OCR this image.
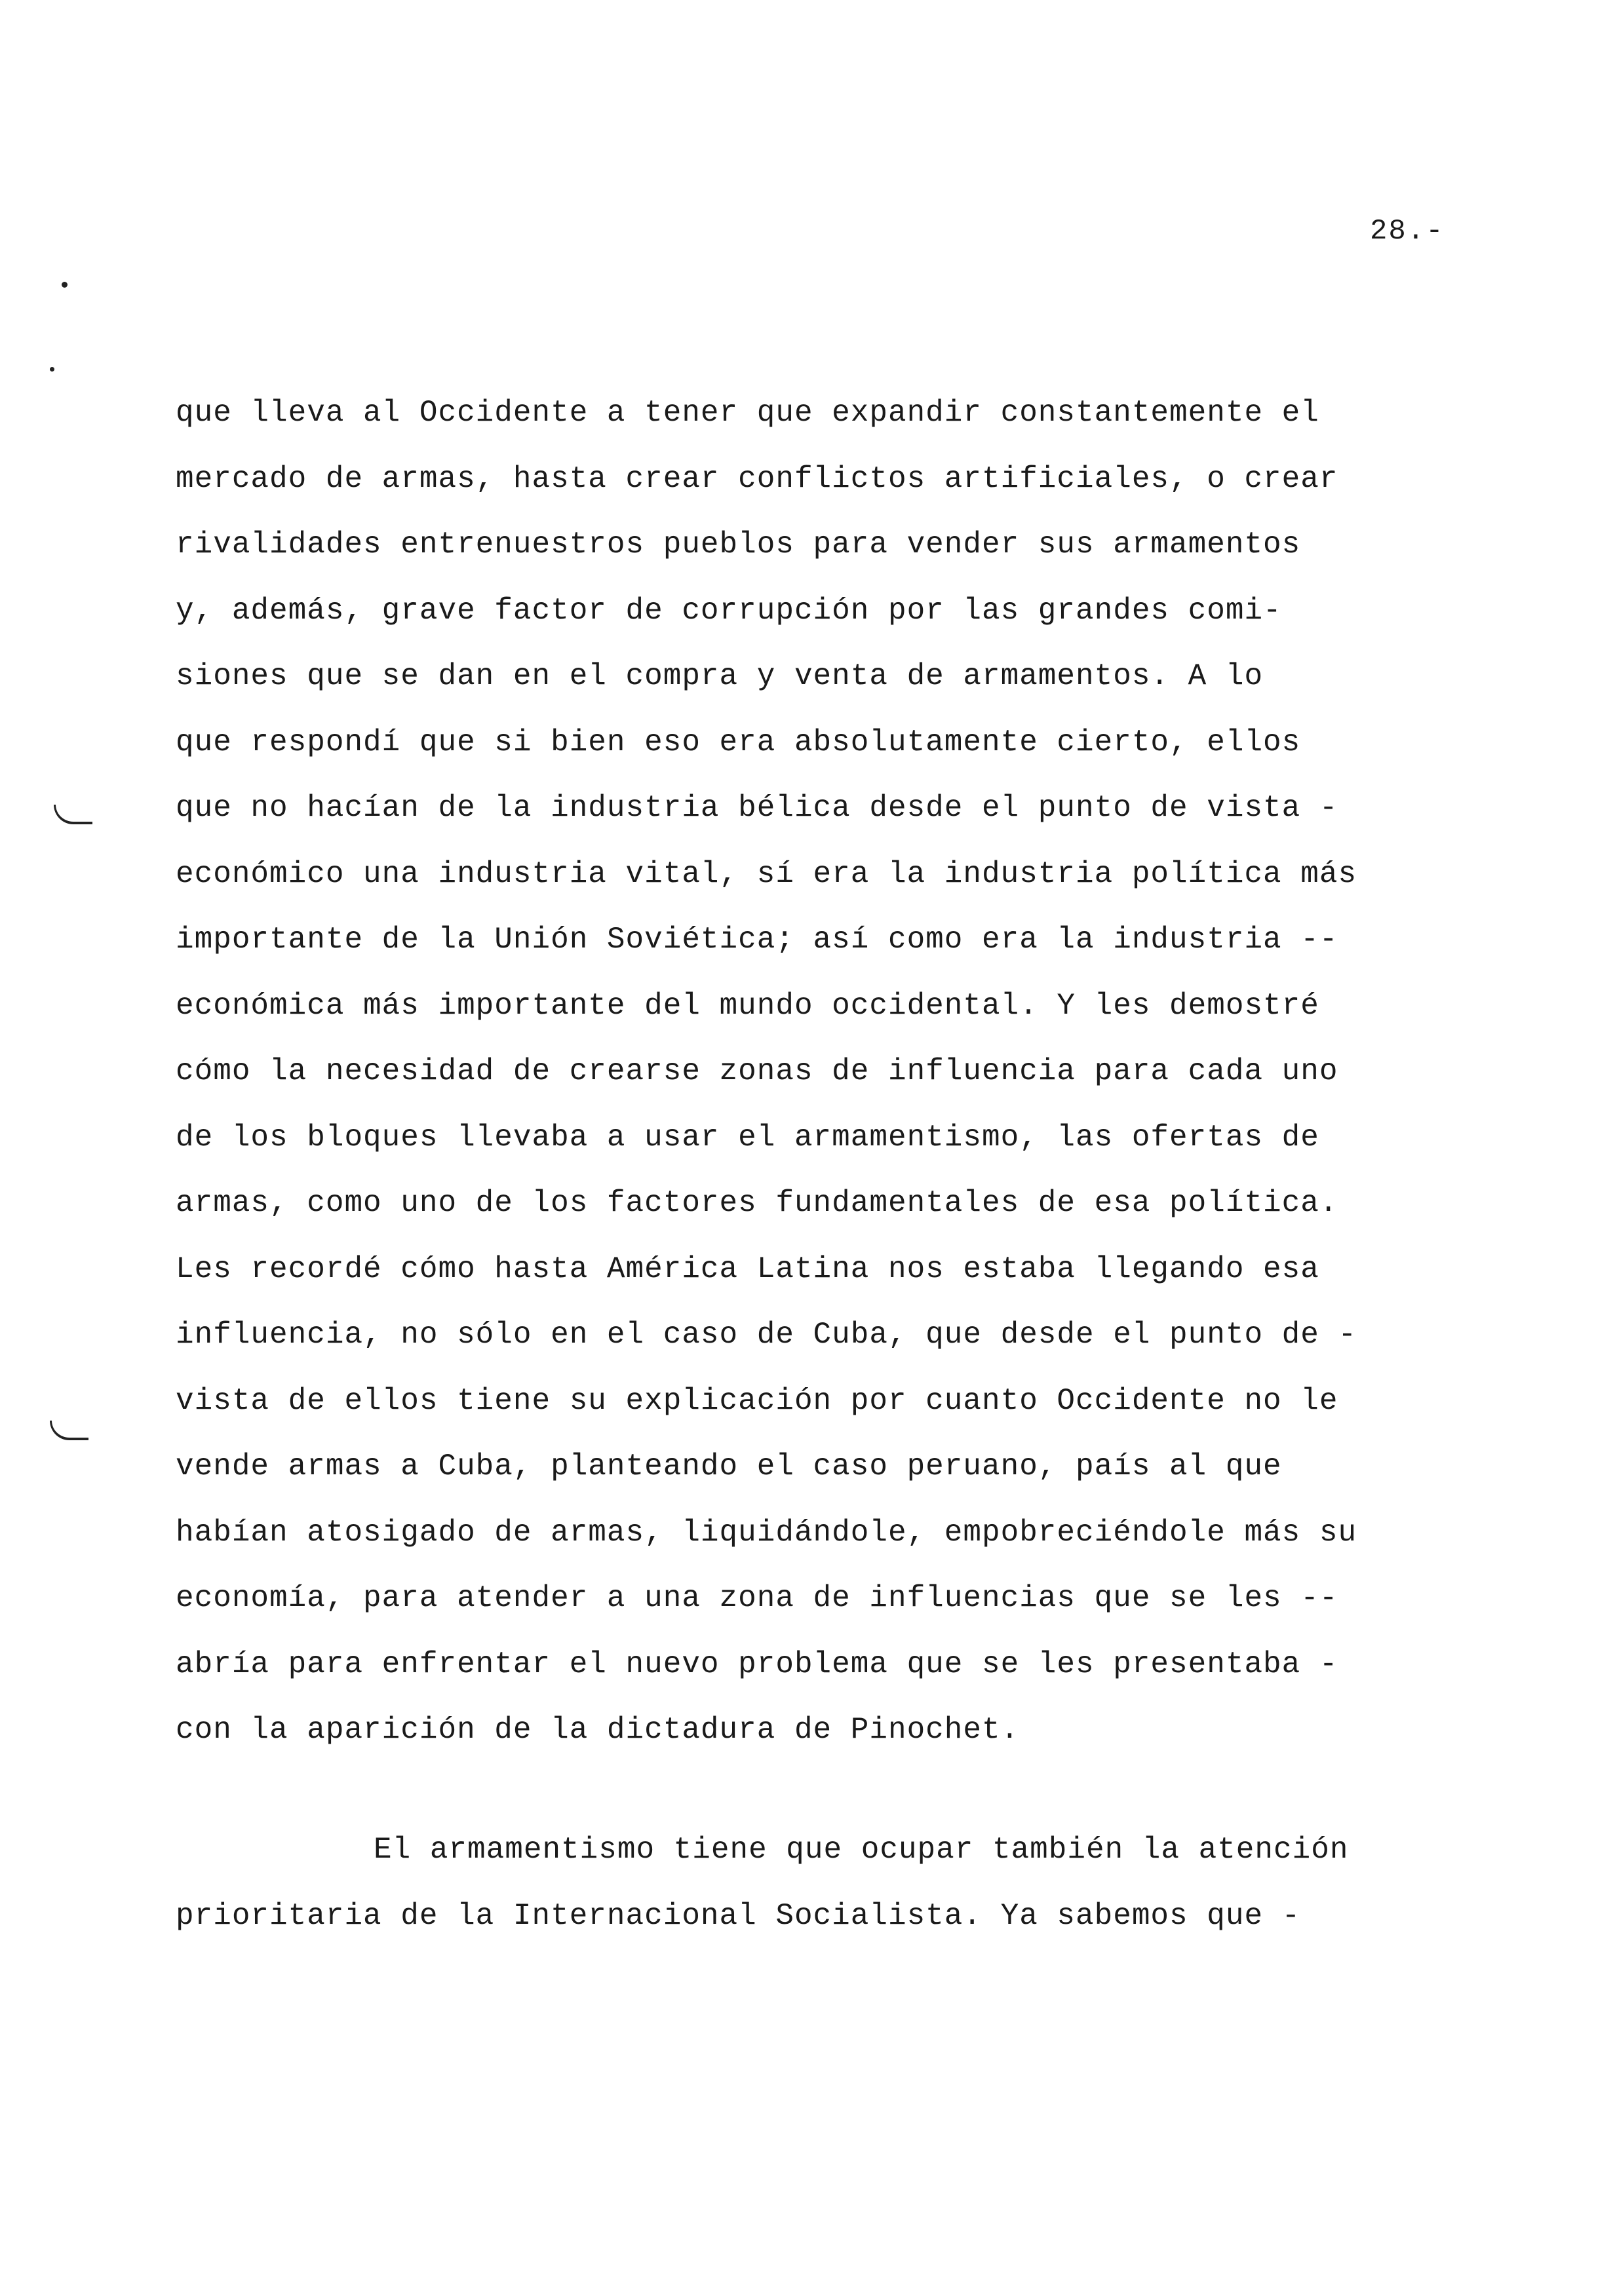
28.-
que lleva al Occidente a tener que expandir constantemente el
mercado de armas, hasta crear conflictos artificiales, o crear
rivalidades entrenuestros pueblos para vender sus armamentos
y, además, grave factor de corrupción por las grandes comi-
siones que se dan en el compra y venta de armamentos. A lo
que respondí que si bien eso era absolutamente cierto, ellos
que no hacían de la industria bélica desde el punto de vista -
económico una industria vital, sí era la industria política más
importante de la Unión Soviética; así como era la industria --
económica más importante del mundo occidental. Y les demostré
cómo la necesidad de crearse zonas de influencia para cada uno
de los bloques llevaba a usar el armamentismo, las ofertas de
armas, como uno de los factores fundamentales de esa política.
Les recordé cómo hasta América Latina nos estaba llegando esa
influencia, no sólo en el caso de Cuba, que desde el punto de -
vista de ellos tiene su explicación por cuanto Occidente no le
vende armas a Cuba, planteando el caso peruano, país al que
habían atosigado de armas, liquidándole, empobreciéndole más su
economía, para atender a una zona de influencias que se les --
abría para enfrentar el nuevo problema que se les presentaba -
con la aparición de la dictadura de Pinochet.
El armamentismo tiene que ocupar también la atención
prioritaria de la Internacional Socialista. Ya sabemos que -
